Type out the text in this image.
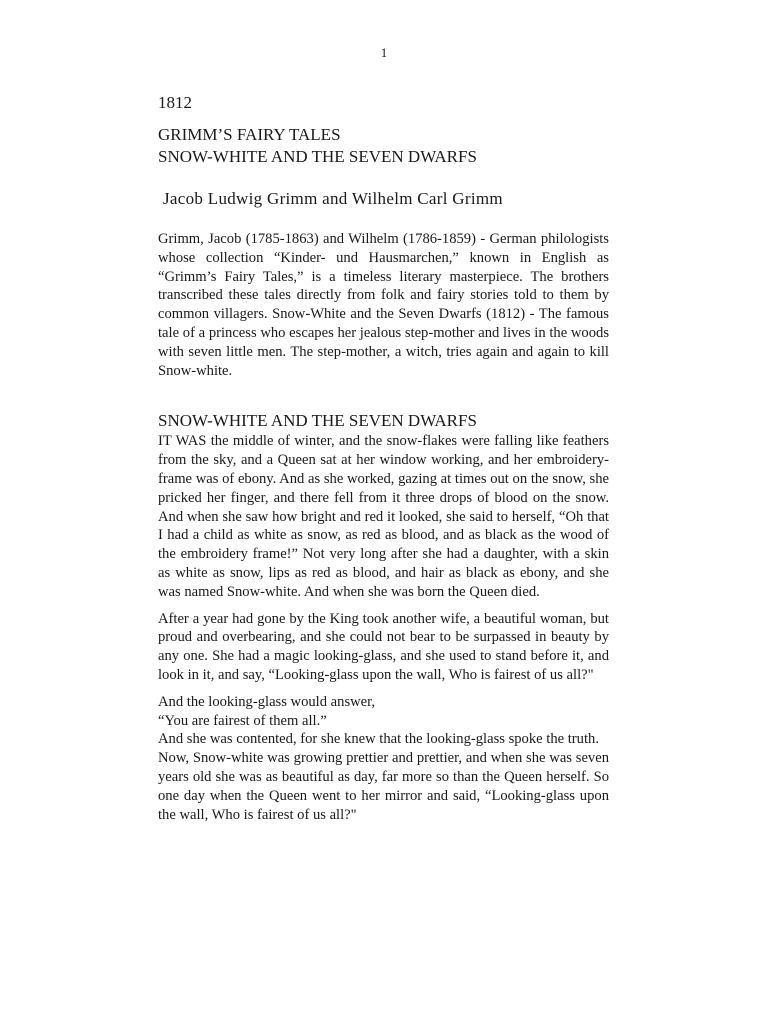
1
1812
GRIMM’S FAIRY TALES
SNOW-WHITE AND THE SEVEN DWARFS
Jacob Ludwig Grimm and Wilhelm Carl Grimm

Grimm, Jacob (1785-1863) and Wilhelm (1786-1859) - German philologists whose collection “Kinder- und Hausmarchen,” known in English as “Grimm’s Fairy Tales,” is a timeless literary masterpiece. The brothers transcribed these tales directly from folk and fairy stories told to them by common villagers. Snow-White and the Seven Dwarfs (1812) - The famous tale of a princess who escapes her jealous step-mother and lives in the woods with seven little men. The step-mother, a witch, tries again and again to kill Snow-white.

SNOW-WHITE AND THE SEVEN DWARFS

IT WAS the middle of winter, and the snow-flakes were falling like feathers from the sky, and a Queen sat at her window working, and her embroidery-frame was of ebony. And as she worked, gazing at times out on the snow, she pricked her finger, and there fell from it three drops of blood on the snow. And when she saw how bright and red it looked, she said to herself, “Oh that I had a child as white as snow, as red as blood, and as black as the wood of the embroidery frame!” Not very long after she had a daughter, with a skin as white as snow, lips as red as blood, and hair as black as ebony, and she was named Snow-white. And when she was born the Queen died.

After a year had gone by the King took another wife, a beautiful woman, but proud and overbearing, and she could not bear to be surpassed in beauty by any one. She had a magic looking-glass, and she used to stand before it, and look in it, and say, “Looking-glass upon the wall, Who is fairest of us all?"

And the looking-glass would answer,

“You are fairest of them all.”

And she was contented, for she knew that the looking-glass spoke the truth.

Now, Snow-white was growing prettier and prettier, and when she was seven years old she was as beautiful as day, far more so than the Queen herself. So one day when the Queen went to her mirror and said, “Looking-glass upon the wall, Who is fairest of us all?"
